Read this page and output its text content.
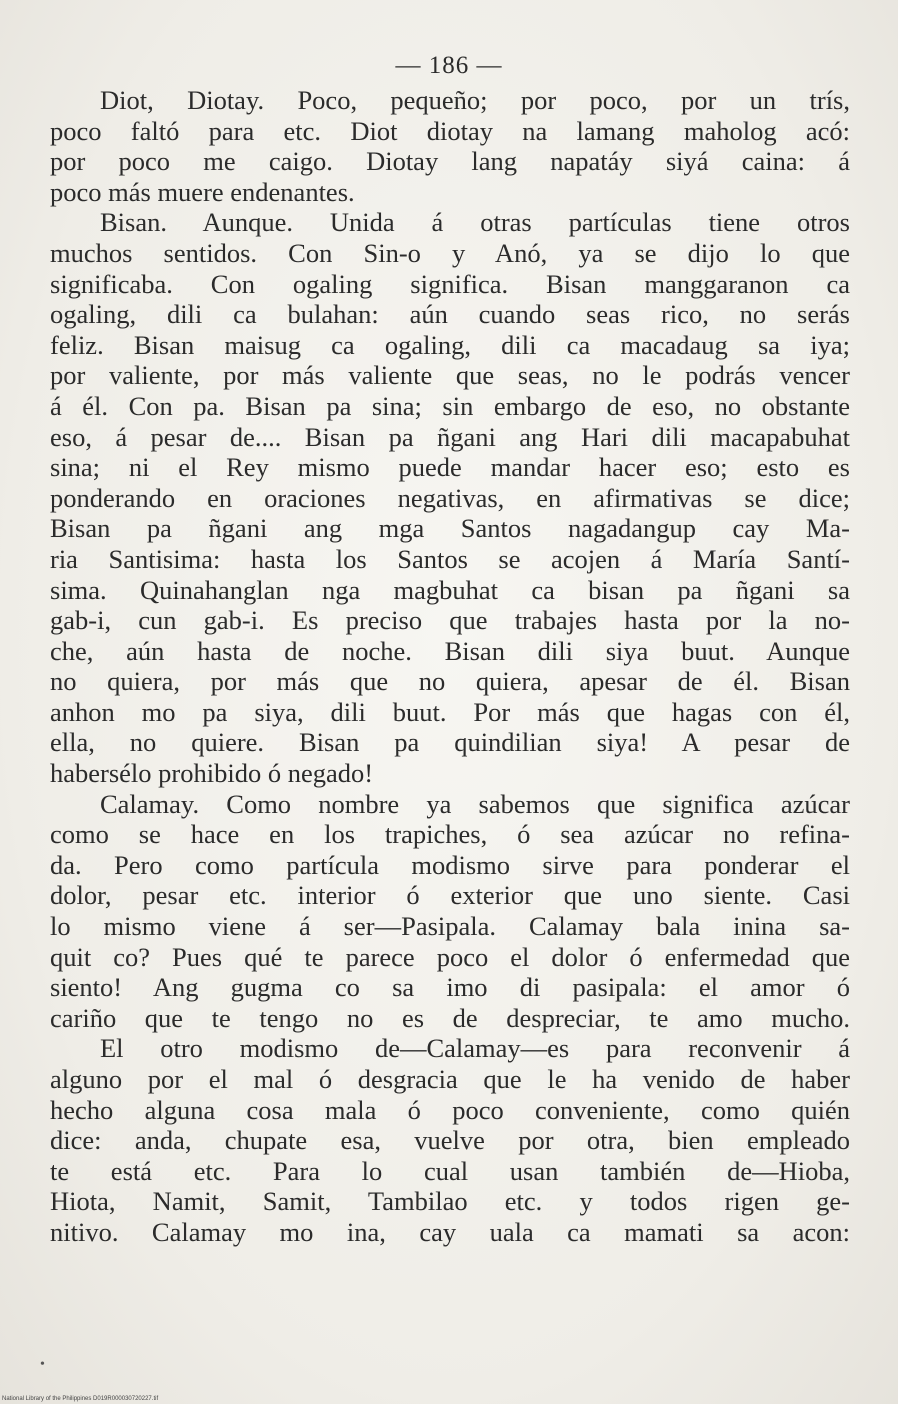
— 186 —
Diot, Diotay. Poco, pequeño; por poco, por un trís,
poco faltó para etc. Diot diotay na lamang maholog acó:
por poco me caigo. Diotay lang napatáy siyá caina: á
poco más muere endenantes.
Bisan. Aunque. Unida á otras partículas tiene otros
muchos sentidos. Con Sin-o y Anó, ya se dijo lo que
significaba. Con ogaling significa. Bisan manggaranon ca
ogaling, dili ca bulahan: aún cuando seas rico, no serás
feliz. Bisan maisug ca ogaling, dili ca macadaug sa iya;
por valiente, por más valiente que seas, no le podrás vencer
á él. Con pa. Bisan pa sina; sin embargo de eso, no obstante
eso, á pesar de.... Bisan pa ñgani ang Hari dili macapabuhat
sina; ni el Rey mismo puede mandar hacer eso; esto es
ponderando en oraciones negativas, en afirmativas se dice;
Bisan pa ñgani ang mga Santos nagadangup cay Ma-
ria Santisima: hasta los Santos se acojen á María Santí-
sima. Quinahanglan nga magbuhat ca bisan pa ñgani sa
gab-i, cun gab-i. Es preciso que trabajes hasta por la no-
che, aún hasta de noche. Bisan dili siya buut. Aunque
no quiera, por más que no quiera, apesar de él. Bisan
anhon mo pa siya, dili buut. Por más que hagas con él,
ella, no quiere. Bisan pa quindilian siya! A pesar de
habersélo prohibido ó negado!
Calamay. Como nombre ya sabemos que significa azúcar
como se hace en los trapiches, ó sea azúcar no refina-
da. Pero como partícula modismo sirve para ponderar el
dolor, pesar etc. interior ó exterior que uno siente. Casi
lo mismo viene á ser—Pasipala. Calamay bala inina sa-
quit co? Pues qué te parece poco el dolor ó enfermedad que
siento! Ang gugma co sa imo di pasipala: el amor ó
cariño que te tengo no es de despreciar, te amo mucho.
El otro modismo de—Calamay—es para reconvenir á
alguno por el mal ó desgracia que le ha venido de haber
hecho alguna cosa mala ó poco conveniente, como quién
dice: anda, chupate esa, vuelve por otra, bien empleado
te está etc. Para lo cual usan también de—Hioba,
Hiota, Namit, Samit, Tambilao etc. y todos rigen ge-
nitivo. Calamay mo ina, cay uala ca mamati sa acon:
•
National Library of the Philippines D019R000030720227.tif
